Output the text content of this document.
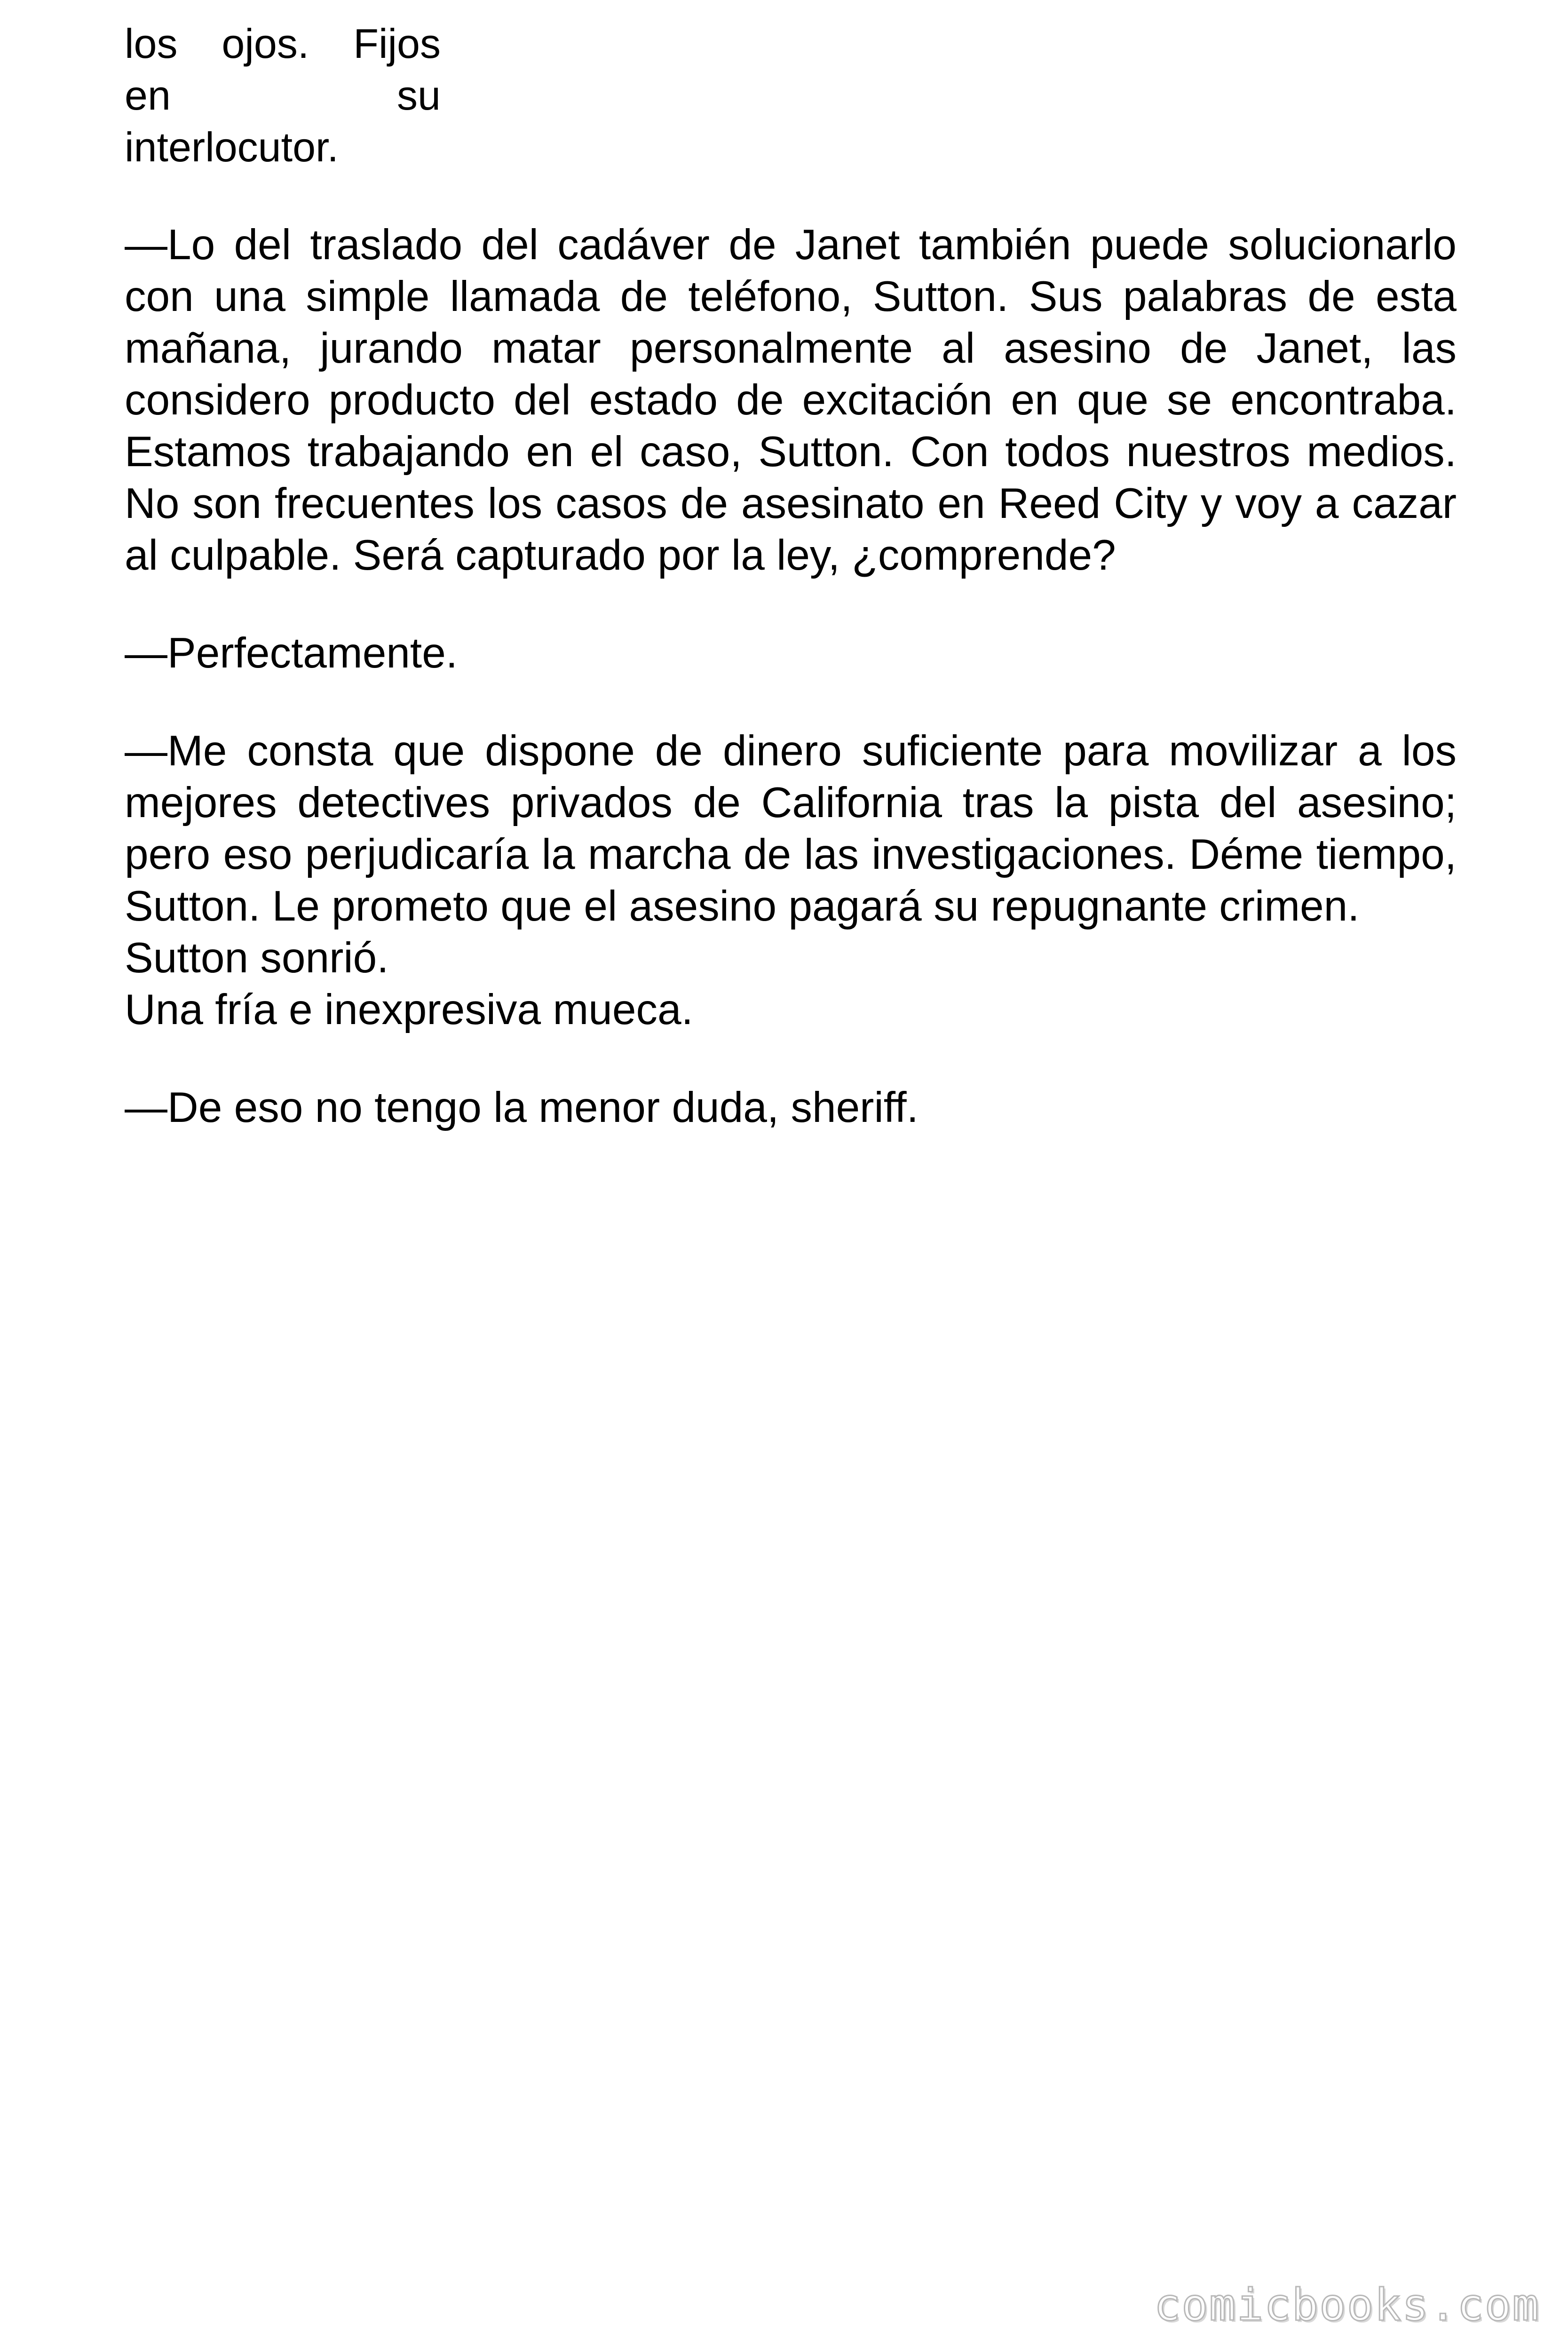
los ojos. Fijos
en su
interlocutor.

—Lo del traslado del cadáver de Janet también puede solucionarlo
con una simple llamada de teléfono, Sutton. Sus palabras de esta
mañana, jurando matar personalmente al asesino de Janet, las
considero producto del estado de excitación en que se encontraba.
Estamos trabajando en el caso, Sutton. Con todos nuestros medios.
No son frecuentes los casos de asesinato en Reed City y voy a cazar
al culpable. Será capturado por la ley, ¿comprende?

—Perfectamente.

—Me consta que dispone de dinero suficiente para movilizar a los
mejores detectives privados de California tras la pista del asesino;
pero eso perjudicaría la marcha de las investigaciones. Déme tiempo,
Sutton. Le prometo que el asesino pagará su repugnante crimen.
Sutton sonrió.
Una fría e inexpresiva mueca.

—De eso no tengo la menor duda, sheriff.

comicbooks.com
